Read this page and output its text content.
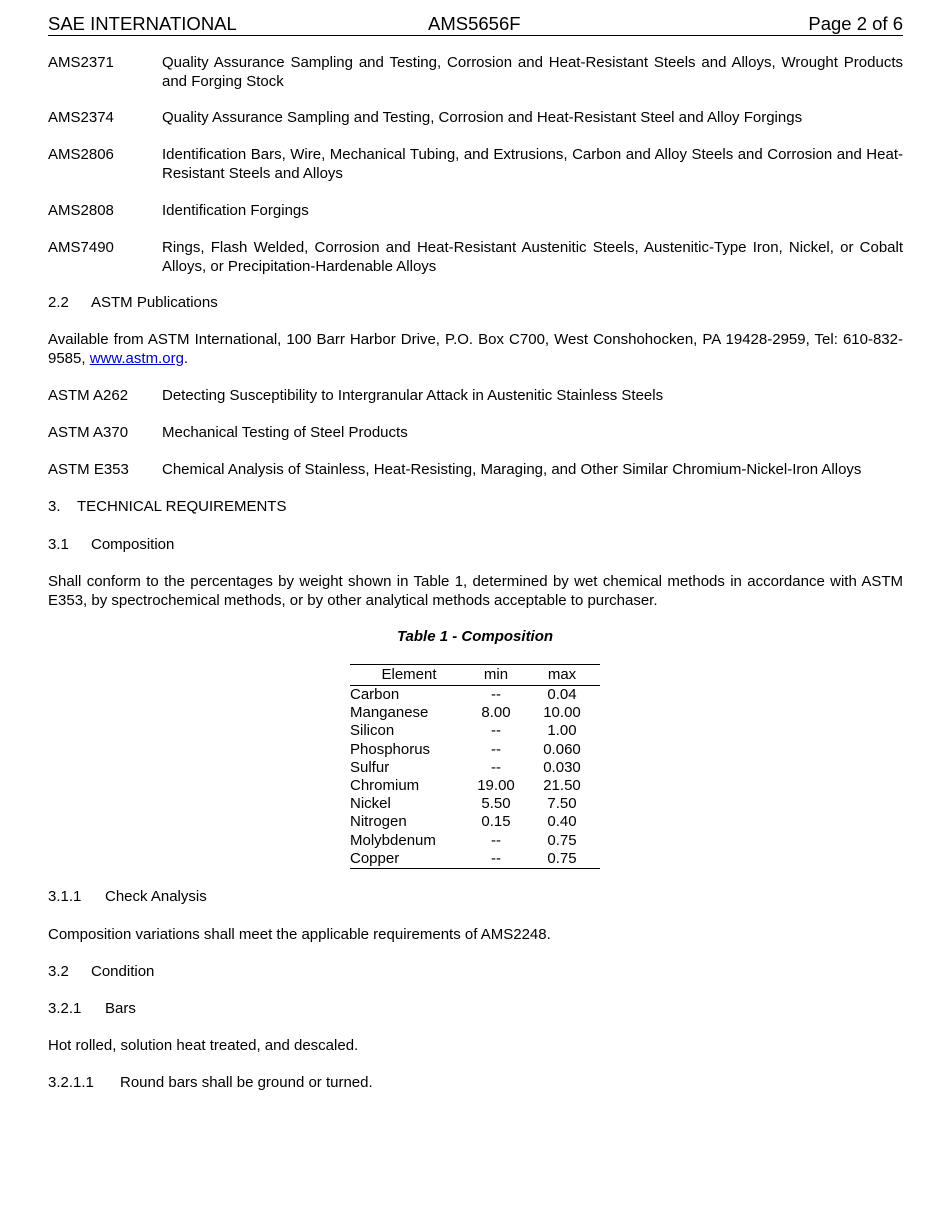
SAE INTERNATIONAL	AMS5656F	Page 2 of 6
AMS2371	Quality Assurance Sampling and Testing, Corrosion and Heat-Resistant Steels and Alloys, Wrought Products and Forging Stock
AMS2374	Quality Assurance Sampling and Testing, Corrosion and Heat-Resistant Steel and Alloy Forgings
AMS2806	Identification Bars, Wire, Mechanical Tubing, and Extrusions, Carbon and Alloy Steels and Corrosion and Heat-Resistant Steels and Alloys
AMS2808	Identification Forgings
AMS7490	Rings, Flash Welded, Corrosion and Heat-Resistant Austenitic Steels, Austenitic-Type Iron, Nickel, or Cobalt Alloys, or Precipitation-Hardenable Alloys
2.2 ASTM Publications
Available from ASTM International, 100 Barr Harbor Drive, P.O. Box C700, West Conshohocken, PA 19428-2959, Tel: 610-832-9585, www.astm.org.
ASTM A262 Detecting Susceptibility to Intergranular Attack in Austenitic Stainless Steels
ASTM A370 Mechanical Testing of Steel Products
ASTM E353 Chemical Analysis of Stainless, Heat-Resisting, Maraging, and Other Similar Chromium-Nickel-Iron Alloys
3. TECHNICAL REQUIREMENTS
3.1 Composition
Shall conform to the percentages by weight shown in Table 1, determined by wet chemical methods in accordance with ASTM E353, by spectrochemical methods, or by other analytical methods acceptable to purchaser.
Table 1 - Composition
Element	min	max
Carbon	--	0.04
Manganese	8.00	10.00
Silicon	--	1.00
Phosphorus	--	0.060
Sulfur	--	0.030
Chromium	19.00	21.50
Nickel	5.50	7.50
Nitrogen	0.15	0.40
Molybdenum	--	0.75
Copper	--	0.75
3.1.1 Check Analysis
Composition variations shall meet the applicable requirements of AMS2248.
3.2 Condition
3.2.1 Bars
Hot rolled, solution heat treated, and descaled.
3.2.1.1 Round bars shall be ground or turned.
